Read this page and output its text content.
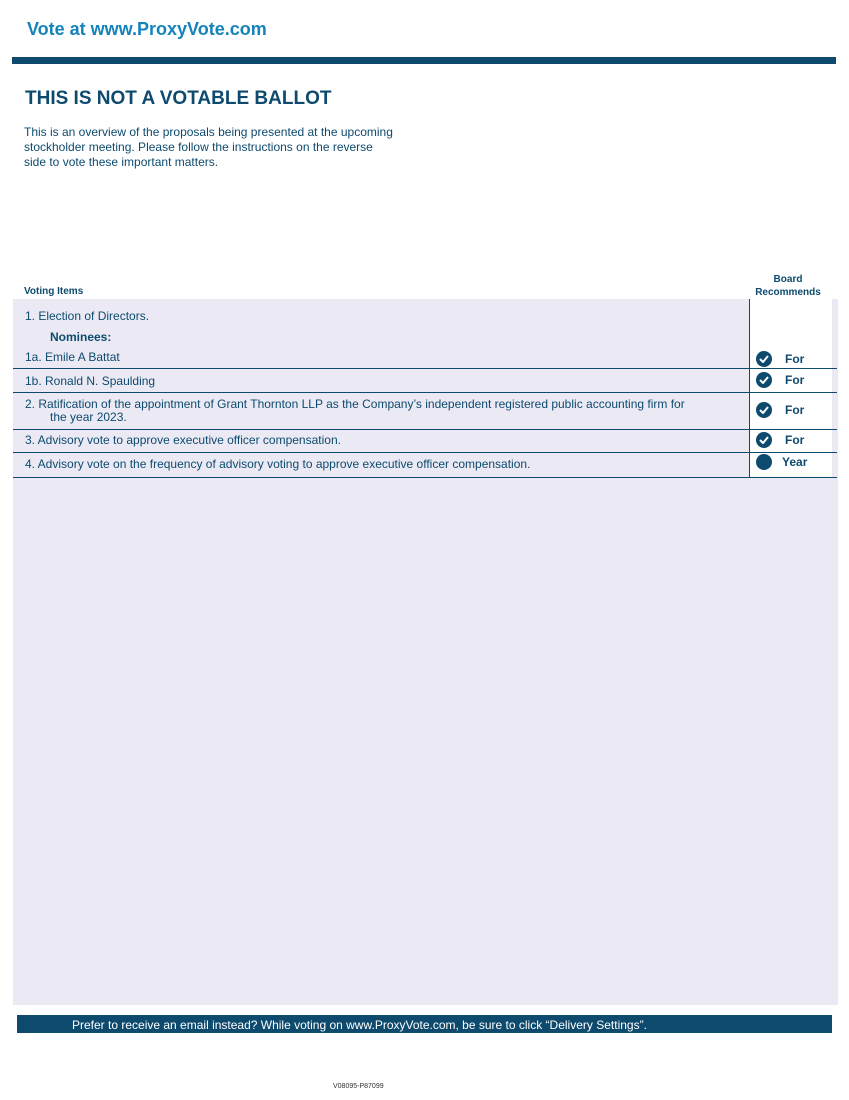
Vote at www.ProxyVote.com
THIS IS NOT A VOTABLE BALLOT
This is an overview of the proposals being presented at the upcoming
stockholder meeting. Please follow the instructions on the reverse
side to vote these important matters.
Voting Items
Board
Recommends
1. Election of Directors.
Nominees:
1a. Emile A Battat	For
1b. Ronald N. Spaulding	For
2. Ratification of the appointment of Grant Thornton LLP as the Company’s independent registered public accounting firm for
the year 2023.	For
3. Advisory vote to approve executive officer compensation.	For
4. Advisory vote on the frequency of advisory voting to approve executive officer compensation.	Year
Prefer to receive an email instead? While voting on www.ProxyVote.com, be sure to click “Delivery Settings”.
V08095-P87099
